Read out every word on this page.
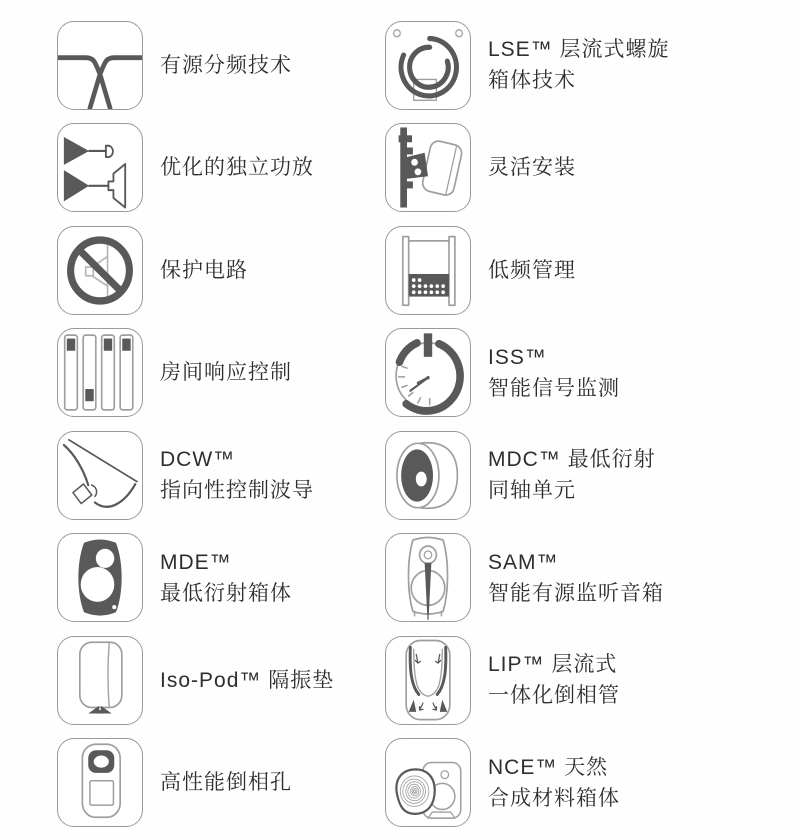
有源分频技术
LSE™ 层流式螺旋
箱体技术
优化的独立功放	灵活安装
保护电路	低频管理
房间响应控制
ISS™
智能信号监测
DCW™
指向性控制波导
MDC™ 最低衍射
同轴单元
MDE™
最低衍射箱体
SAM™
智能有源监听音箱
Iso-Pod™ 隔振垫
LIP™ 层流式
一体化倒相管
高性能倒相孔
NCE™ 天然
合成材料箱体
